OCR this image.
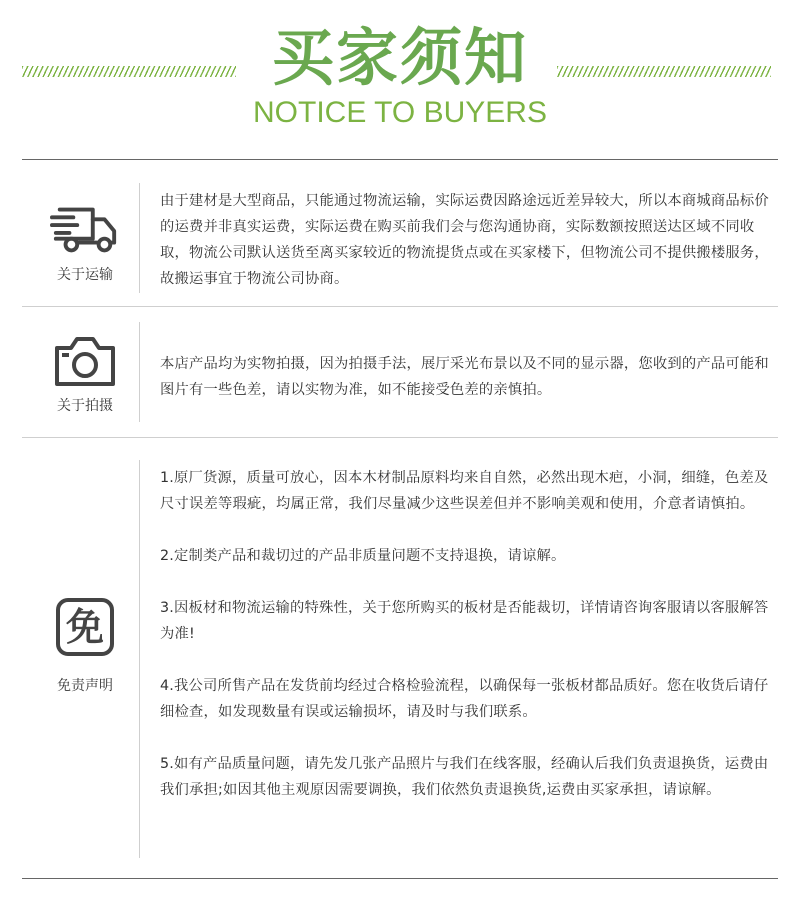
买家须知
NOTICE TO BUYERS
关于运输

由于建材是大型商品，只能通过物流运输，实际运费因路途远近差异较大，所以本商城商品标价的运费并非真实运费，实际运费在购买前我们会与您沟通协商，实际数额按照送达区域不同收取，物流公司默认送货至离买家较近的物流提货点或在买家楼下，但物流公司不提供搬楼服务，故搬运事宜于物流公司协商。

关于拍摄

本店产品均为实物拍摄，因为拍摄手法，展厅采光布景以及不同的显示器，您收到的产品可能和图片有一些色差，请以实物为准，如不能接受色差的亲慎拍。

免
免责声明

1.原厂货源，质量可放心，因本木材制品原料均来自自然，必然出现木疤，小洞，细缝，色差及尺寸误差等瑕疵，均属正常，我们尽量减少这些误差但并不影响美观和使用，介意者请慎拍。

2.定制类产品和裁切过的产品非质量问题不支持退换，请谅解。

3.因板材和物流运输的特殊性，关于您所购买的板材是否能裁切，详情请咨询客服请以客服解答为准!

4.我公司所售产品在发货前均经过合格检验流程，以确保每一张板材都品质好。您在收货后请仔细检查，如发现数量有误或运输损坏，请及时与我们联系。

5.如有产品质量问题，请先发几张产品照片与我们在线客服，经确认后我们负责退换货，运费由我们承担;如因其他主观原因需要调换，我们依然负责退换货,运费由买家承担，请谅解。
